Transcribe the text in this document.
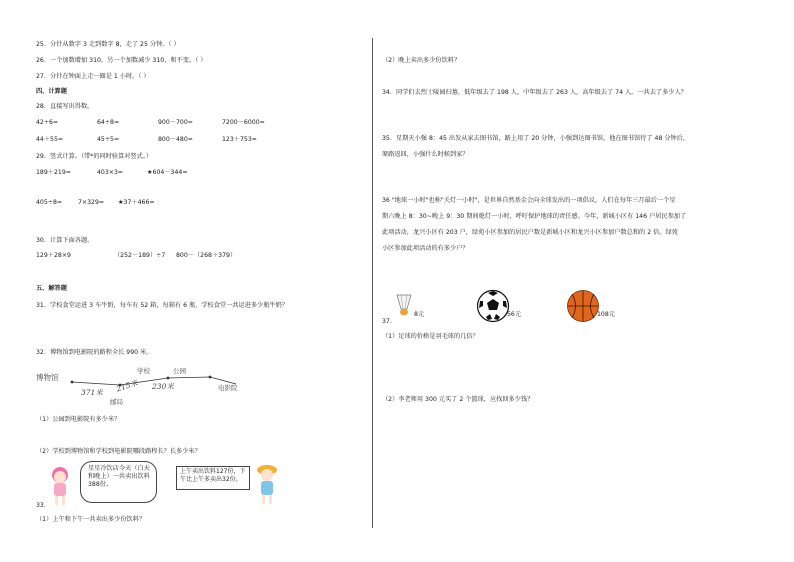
25．分针从数字 3 走到数字 8，走了 25 分钟。（ ）
26．一个加数增加 310，另一个加数减少 310，和不变。（ ）
27．分针在钟面上走一圈是 1 小时。（ ）
四、计算题
28．直接写出得数。
42÷6=	64÷8=	900－700=	7200－6000=
44＋55=	45÷5=	800－480=	123＋753=
29．竖式计算。（带*的同时验算对竖式。）
189＋219=	403×3=	★604－344=
405÷8=	7×329= ★37＋466=
30．计算下面各题。
129＋28×9	（252－189）÷7 800－（268＋379）
五、解答题
31．学校食堂运进 3 车牛奶，每车有 52 箱，每箱有 6 瓶，学校食堂一共运进多少瓶牛奶？
32．博物馆到电影院的路程全长 990 米。
博物馆
学校	公园
电影院
邮局
371米 215米 230米
（1）公园到电影院有多少米？
（2）学校到博物馆和学校到电影院哪段路程长？长多少米？
星星冷饮店今天（白天和晚上）一共卖出饮料388份。
上午卖出饮料127份，下午比上午多卖出32份。
33．
（1）上午和下午一共卖出多少份饮料？
（2）晚上卖出多少份饮料？
34．同学们去烈士陵园扫墓，低年级去了 198 人，中年级去了 263 人，高年级去了 74 人。一共去了多少人？
35．星期天小强 8：45 出发从家去图书馆，路上用了 20 分钟，小强到达图书馆，他在图书馆待了 48 分钟后，
原路返回，小强什么时候到家？
36 "地球一小时"也称"关灯一小时"，是世界自然基金会向全球发出的一项倡议，人们在每年三月最后一个星
期六晚上 8：30~晚上 9：30 期间熄灯一小时，呼吁保护地球的责任感。今年，新城小区有 146 户居民参加了
此项活动，龙兴小区有 203 户，绿苑小区参加的居民户数是新城小区和龙兴小区参加户数总和的 2 倍。绿苑
小区参加此项活动的有多少户？
8元	56元	108元
37．
（1）足球的价格是羽毛球的几倍？
（2）李老师用 300 元买了 2 个篮球，应找回多少钱？
